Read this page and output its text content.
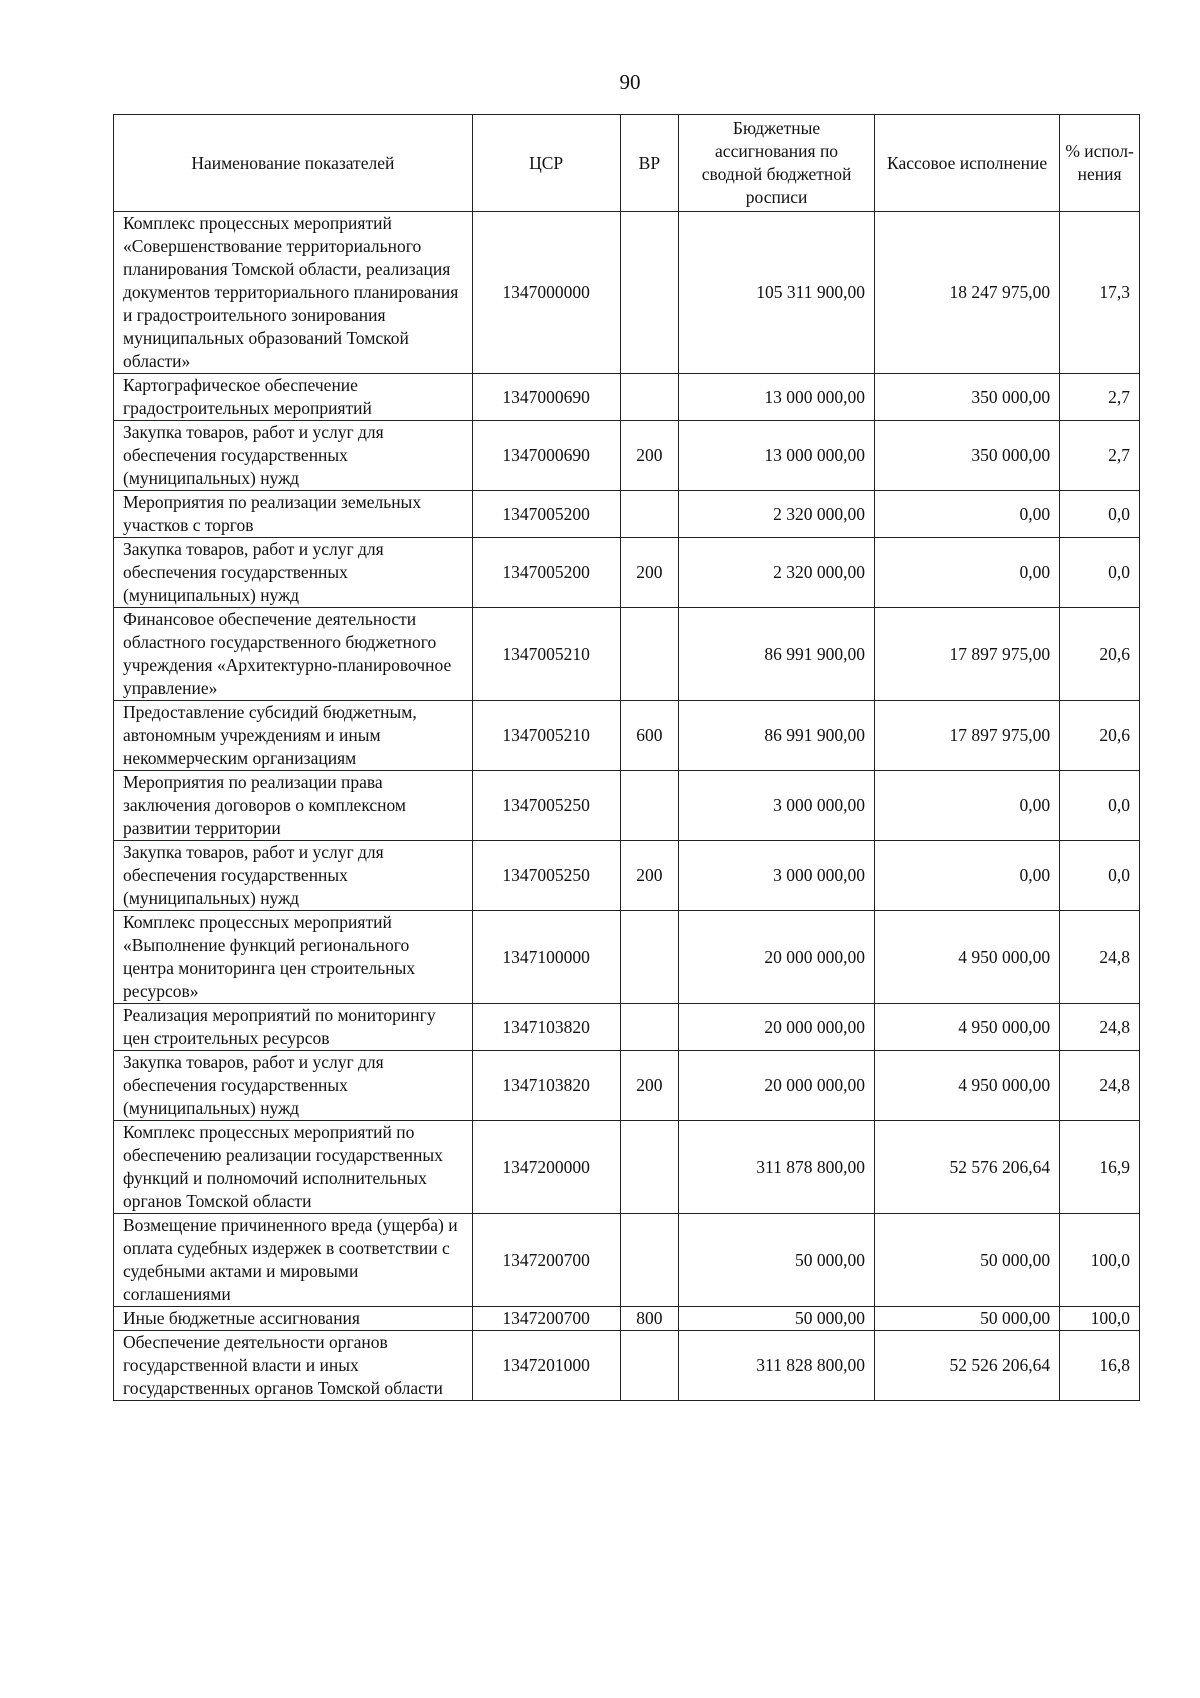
90
Наименование показателей	ЦСР	ВР	Бюджетные ассигнования по сводной бюджетной росписи	Кассовое исполнение	% испол-нения
Комплекс процессных мероприятий «Совершенствование территориального планирования Томской области, реализация документов территориального планирования и градостроительного зонирования муниципальных образований Томской области»	1347000000		105 311 900,00	18 247 975,00	17,3
Картографическое обеспечение градостроительных мероприятий	1347000690		13 000 000,00	350 000,00	2,7
Закупка товаров, работ и услуг для обеспечения государственных (муниципальных) нужд	1347000690	200	13 000 000,00	350 000,00	2,7
Мероприятия по реализации земельных участков с торгов	1347005200		2 320 000,00	0,00	0,0
Закупка товаров, работ и услуг для обеспечения государственных (муниципальных) нужд	1347005200	200	2 320 000,00	0,00	0,0
Финансовое обеспечение деятельности областного государственного бюджетного учреждения «Архитектурно-планировочное управление»	1347005210		86 991 900,00	17 897 975,00	20,6
Предоставление субсидий бюджетным, автономным учреждениям и иным некоммерческим организациям	1347005210	600	86 991 900,00	17 897 975,00	20,6
Мероприятия по реализации права заключения договоров о комплексном развитии территории	1347005250		3 000 000,00	0,00	0,0
Закупка товаров, работ и услуг для обеспечения государственных (муниципальных) нужд	1347005250	200	3 000 000,00	0,00	0,0
Комплекс процессных мероприятий «Выполнение функций регионального центра мониторинга цен строительных ресурсов»	1347100000		20 000 000,00	4 950 000,00	24,8
Реализация мероприятий по мониторингу цен строительных ресурсов	1347103820		20 000 000,00	4 950 000,00	24,8
Закупка товаров, работ и услуг для обеспечения государственных (муниципальных) нужд	1347103820	200	20 000 000,00	4 950 000,00	24,8
Комплекс процессных мероприятий по обеспечению реализации государственных функций и полномочий исполнительных органов Томской области	1347200000		311 878 800,00	52 576 206,64	16,9
Возмещение причиненного вреда (ущерба) и оплата судебных издержек в соответствии с судебными актами и мировыми соглашениями	1347200700		50 000,00	50 000,00	100,0
Иные бюджетные ассигнования	1347200700	800	50 000,00	50 000,00	100,0
Обеспечение деятельности органов государственной власти и иных государственных органов Томской области	1347201000		311 828 800,00	52 526 206,64	16,8
